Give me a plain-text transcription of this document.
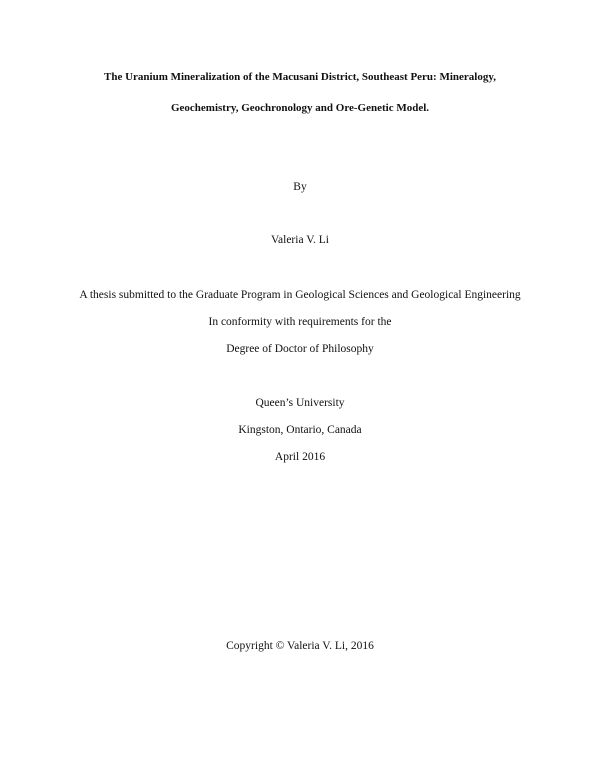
The Uranium Mineralization of the Macusani District, Southeast Peru: Mineralogy,
Geochemistry, Geochronology and Ore-Genetic Model.
By
Valeria V. Li
A thesis submitted to the Graduate Program in Geological Sciences and Geological Engineering
In conformity with requirements for the
Degree of Doctor of Philosophy
Queen’s University
Kingston, Ontario, Canada
April 2016
Copyright © Valeria V. Li, 2016
